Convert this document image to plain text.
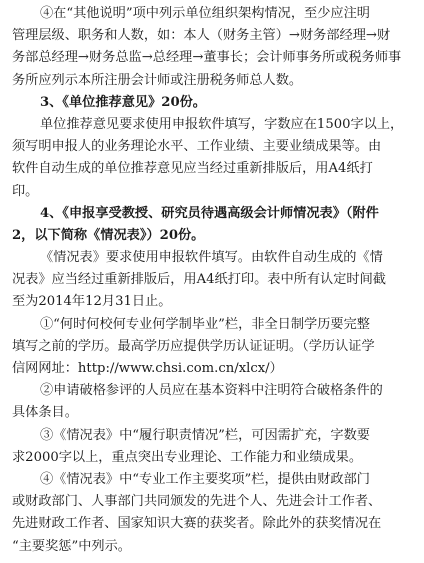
④在“其他说明”项中列示单位组织架构情况，至少应注明
管理层级、职务和人数，如：本人（财务主管）→财务部经理→财
务部总经理→财务总监→总经理→董事长；会计师事务所或税务师事
务所应列示本所注册会计师或注册税务师总人数。
3、《单位推荐意见》20份。
单位推荐意见要求使用申报软件填写，字数应在1500字以上，
须写明申报人的业务理论水平、工作业绩、主要业绩成果等。由
软件自动生成的单位推荐意见应当经过重新排版后，用A4纸打
印。
4、《申报享受教授、研究员待遇高级会计师情况表》（附件
2，以下简称《情况表》）20份。
《情况表》要求使用申报软件填写。由软件自动生成的《情
况表》应当经过重新排版后，用A4纸打印。表中所有认定时间截
至为2014年12月31日止。
①“何时何校何专业何学制毕业”栏，非全日制学历要完整
填写之前的学历。最高学历应提供学历认证证明。（学历认证学
信网网址：http://www.chsi.com.cn/xlcx/）
②申请破格参评的人员应在基本资料中注明符合破格条件的
具体条目。
③《情况表》中“履行职责情况”栏，可因需扩充，字数要
求2000字以上，重点突出专业理论、工作能力和业绩成果。
④《情况表》中“专业工作主要奖项”栏，提供由财政部门
或财政部门、人事部门共同颁发的先进个人、先进会计工作者、
先进财政工作者、国家知识大赛的获奖者。除此外的获奖情况在
“主要奖惩”中列示。
